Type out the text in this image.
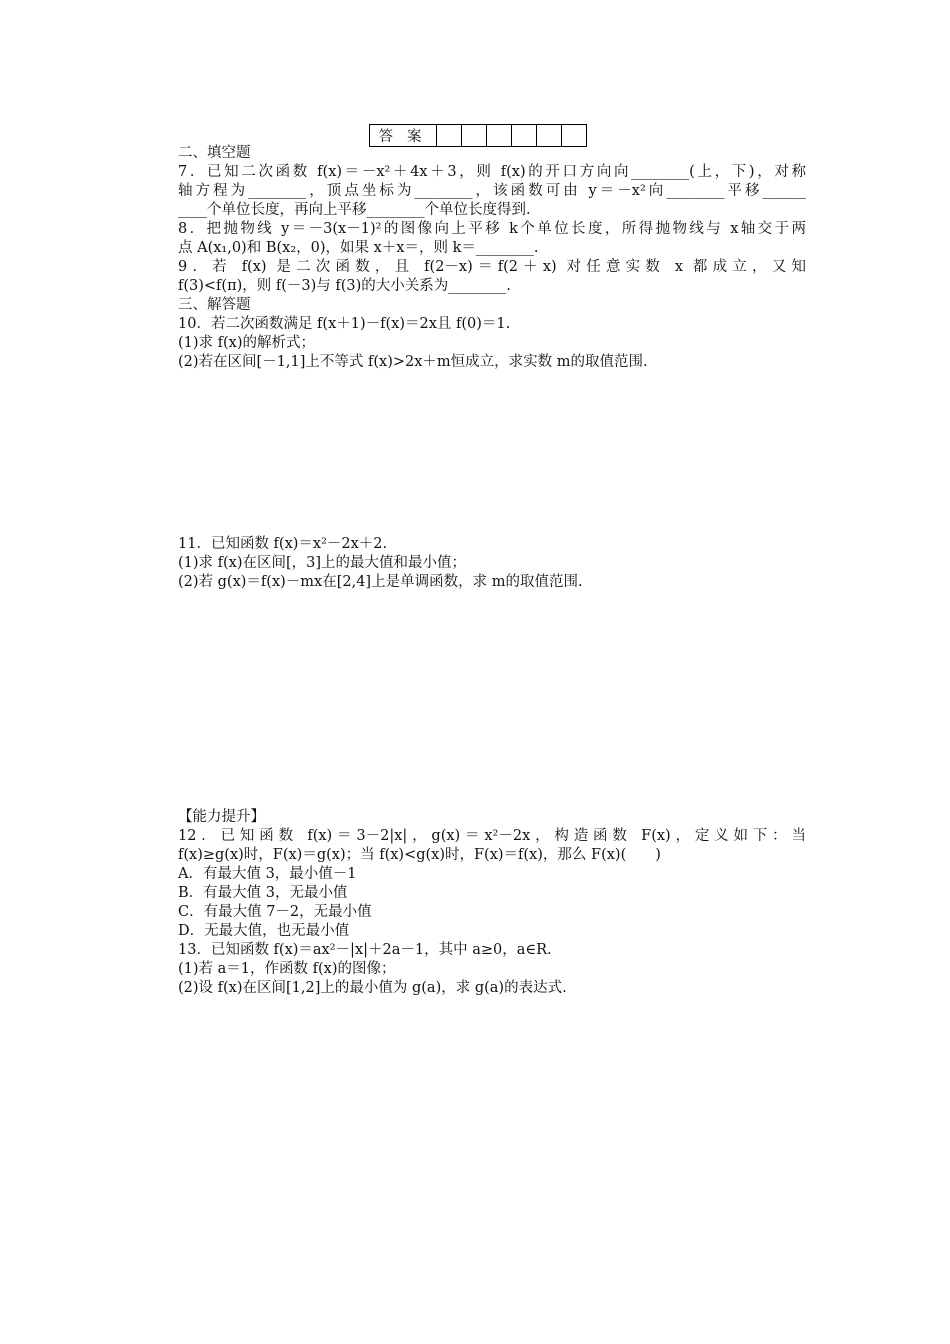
答案						
二、填空题
7．已知二次函数 f(x)＝－x²＋4x＋3，则 f(x)的开口方向向________(上，下)，对称
轴方程为________，顶点坐标为________，该函数可由 y＝－x²向________平移______
____个单位长度，再向上平移________个单位长度得到.
8．把抛物线 y＝－3(x－1)²的图像向上平移 k个单位长度，所得抛物线与 x轴交于两
点 A(x₁,0)和 B(x₂，0)，如果 x＋x＝，则 k＝________.
9．若 f(x) 是二次函数，且 f(2－x)＝f(2＋x) 对任意实数 x 都成立，又知
f(3)<f(π)，则 f(－3)与 f(3)的大小关系为________.
三、解答题
10．若二次函数满足 f(x＋1)－f(x)＝2x且 f(0)＝1.
(1)求 f(x)的解析式；
(2)若在区间[－1,1]上不等式 f(x)>2x＋m恒成立，求实数 m的取值范围.
11．已知函数 f(x)＝x²－2x＋2.
(1)求 f(x)在区间[，3]上的最大值和最小值；
(2)若 g(x)＝f(x)－mx在[2,4]上是单调函数，求 m的取值范围.
【能力提升】
12．已知函数 f(x)＝3－2|x|，g(x)＝x²－2x，构造函数 F(x)，定义如下：当
f(x)≥g(x)时，F(x)＝g(x)；当 f(x)<g(x)时，F(x)＝f(x)，那么 F(x)(　　)
A．有最大值 3，最小值－1
B．有最大值 3，无最小值
C．有最大值 7－2，无最小值
D．无最大值，也无最小值
13．已知函数 f(x)＝ax²－|x|＋2a－1，其中 a≥0，a∈R.
(1)若 a＝1，作函数 f(x)的图像；
(2)设 f(x)在区间[1,2]上的最小值为 g(a)，求 g(a)的表达式.
